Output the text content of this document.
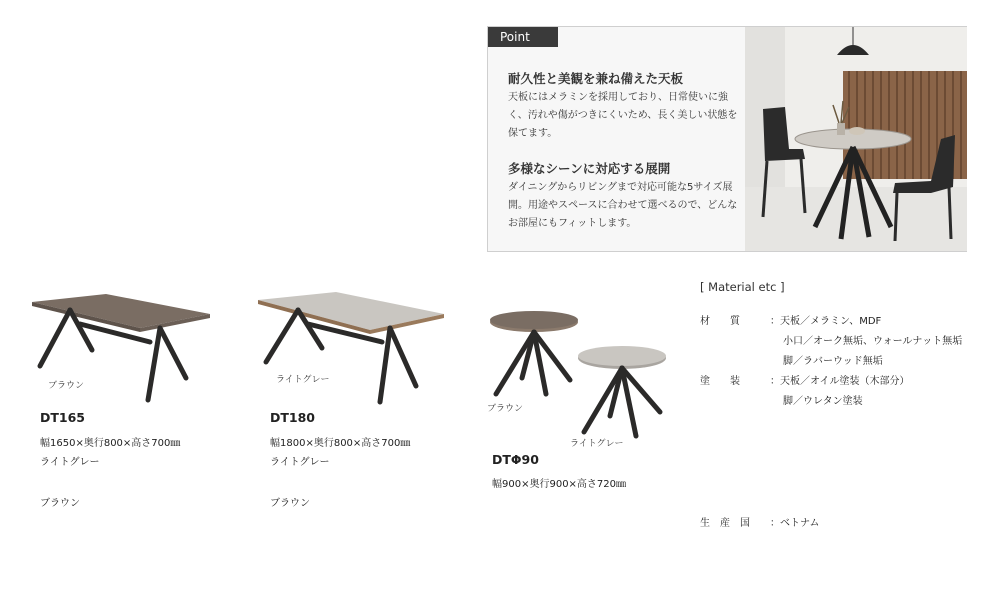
Point
耐久性と美観を兼ね備えた天板
天板にはメラミンを採用しており、日常使いに強く、汚れや傷がつきにくいため、長く美しい状態を保てます。
多様なシーンに対応する展開
ダイニングからリビングまで対応可能な5サイズ展開。用途やスペースに合わせて選べるので、どんなお部屋にもフィットします。
ブラウン
DT165
幅1650×奥行800×高さ700㎜
ライトグレー
ブラウン
ライトグレー
DT180
幅1800×奥行800×高さ700㎜
ライトグレー
ブラウン
ブラウン
ライトグレー
DTΦ90
幅900×奥行900×高さ720㎜
[ Material etc ]
材　　質	：天板／メラミン、MDF
小口／オーク無垢、ウォールナット無垢
脚／ラバーウッド無垢
塗　　装	：天板／オイル塗装（木部分）
脚／ウレタン塗装
生　産　国	：ベトナム
